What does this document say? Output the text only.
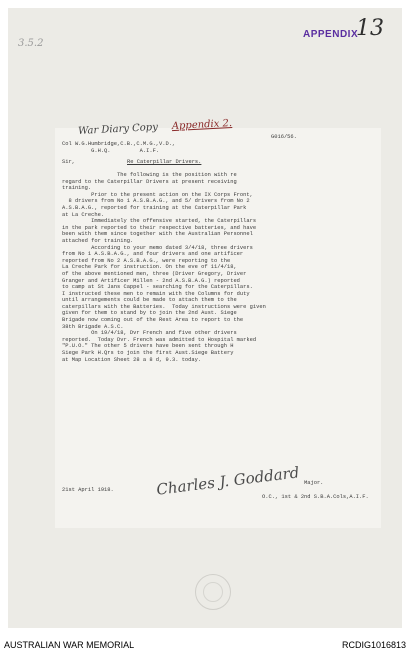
3.5.2
APPENDIX
13
War Diary Copy Appendix 2.
G016/56.
Col W.G.Humbridge,C.B.,C.M.G.,V.D.,
G.H.Q.         A.I.F.
Sir,	Re Caterpillar Drivers.
The following is the position with re
regard to the Caterpillar Drivers at present receiving
training.
Prior to the present action on the IX Corps Front,
8 drivers from No 1 A.S.B.A.G., and 5/ drivers from No 2
A.S.B.A.G., reported for training at the Caterpillar Park
at La Creche.
Immediately the offensive started, the Caterpillars
in the park reported to their respective batteries, and have
been with them since together with the Australian Personnel
attached for training.
According to your memo dated 3/4/18, three drivers
from No 1 A.S.B.A.G., and four drivers and one artificer
reported from No 2 A.S.B.A.G., were reporting to the
La Creche Park for instruction. On the eve of 11/4/18,
of the above mentioned men, three (Driver Gregory, Driver
Granger and Artificer Millen - 2nd A.S.B.A.G.) reported
to camp at St Jans Cappel - searching for the Caterpillars.
I instructed these men to remain with the Columns for duty
until arrangements could be made to attach them to the
caterpillars with the Batteries.  Today instructions were given
given for them to stand by to join the 2nd Aust. Siege
Brigade now coming out of the Rest Area to report to the
38th Brigade A.S.C.
On 19/4/18, Dvr French and five other drivers
reported.  Today Dvr. French was admitted to Hospital marked
"P.U.O." The other 5 drivers have been sent through H
Siege Park H.Qrs to join the first Aust.Siege Battery
at Map Location Sheet 28 a 8 d, 9.3. today.
21st April 1918.	Charles J. Goddard Major.
O.C., 1st & 2nd S.B.A.Cols,A.I.F.
AUSTRALIAN WAR MEMORIAL	RCDIG1016813
